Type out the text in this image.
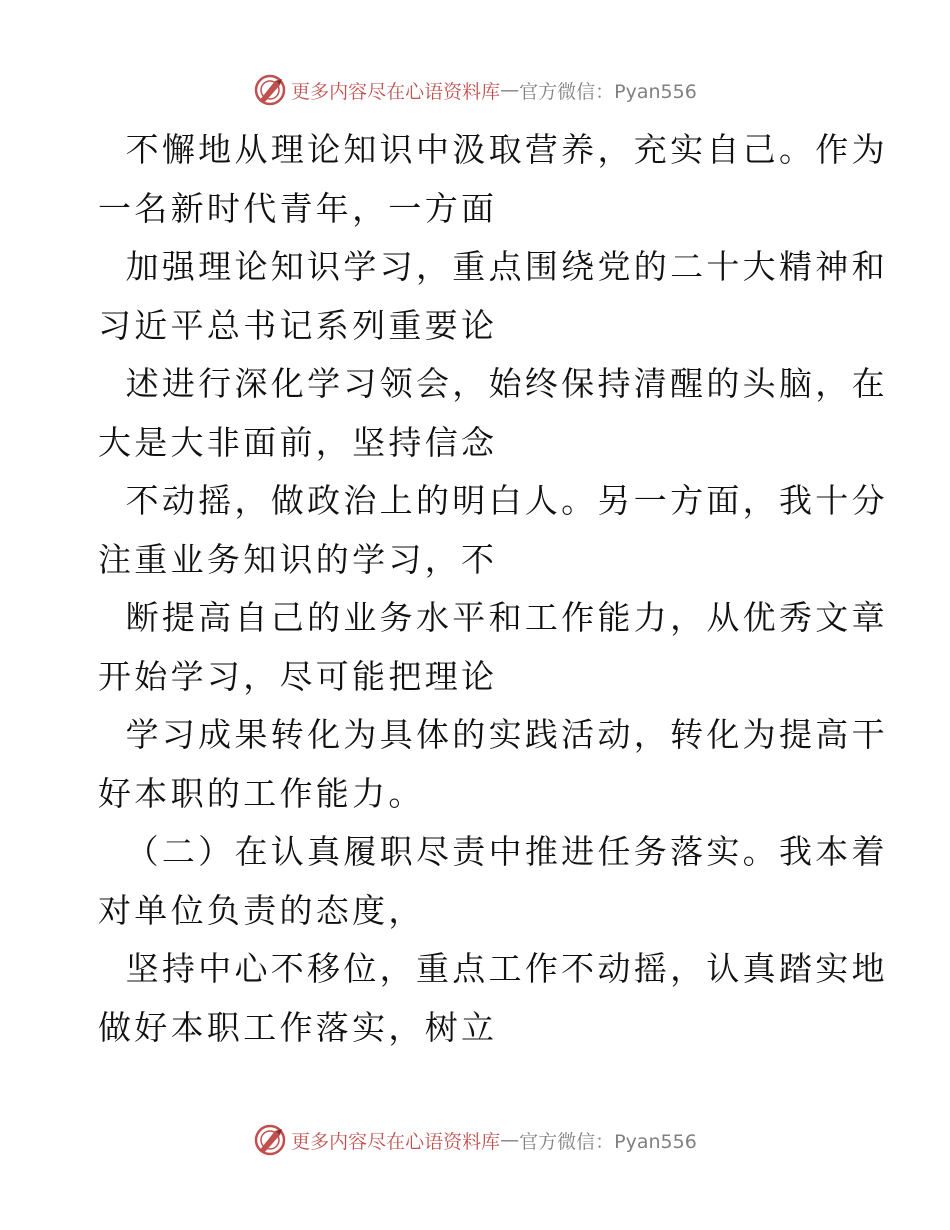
更多内容尽在心语资料库 — 官方微信：Pyan556

不懈地从理论知识中汲取营养，充实自己。作为
一名新时代青年，一方面

加强理论知识学习，重点围绕党的二十大精神和
习近平总书记系列重要论

述进行深化学习领会，始终保持清醒的头脑，在
大是大非面前，坚持信念

不动摇，做政治上的明白人。另一方面，我十分
注重业务知识的学习，不

断提高自己的业务水平和工作能力，从优秀文章
开始学习，尽可能把理论

学习成果转化为具体的实践活动，转化为提高干
好本职的工作能力。

（二）在认真履职尽责中推进任务落实。我本着
对单位负责的态度，

坚持中心不移位，重点工作不动摇，认真踏实地
做好本职工作落实，树立

更多内容尽在心语资料库 — 官方微信：Pyan556
